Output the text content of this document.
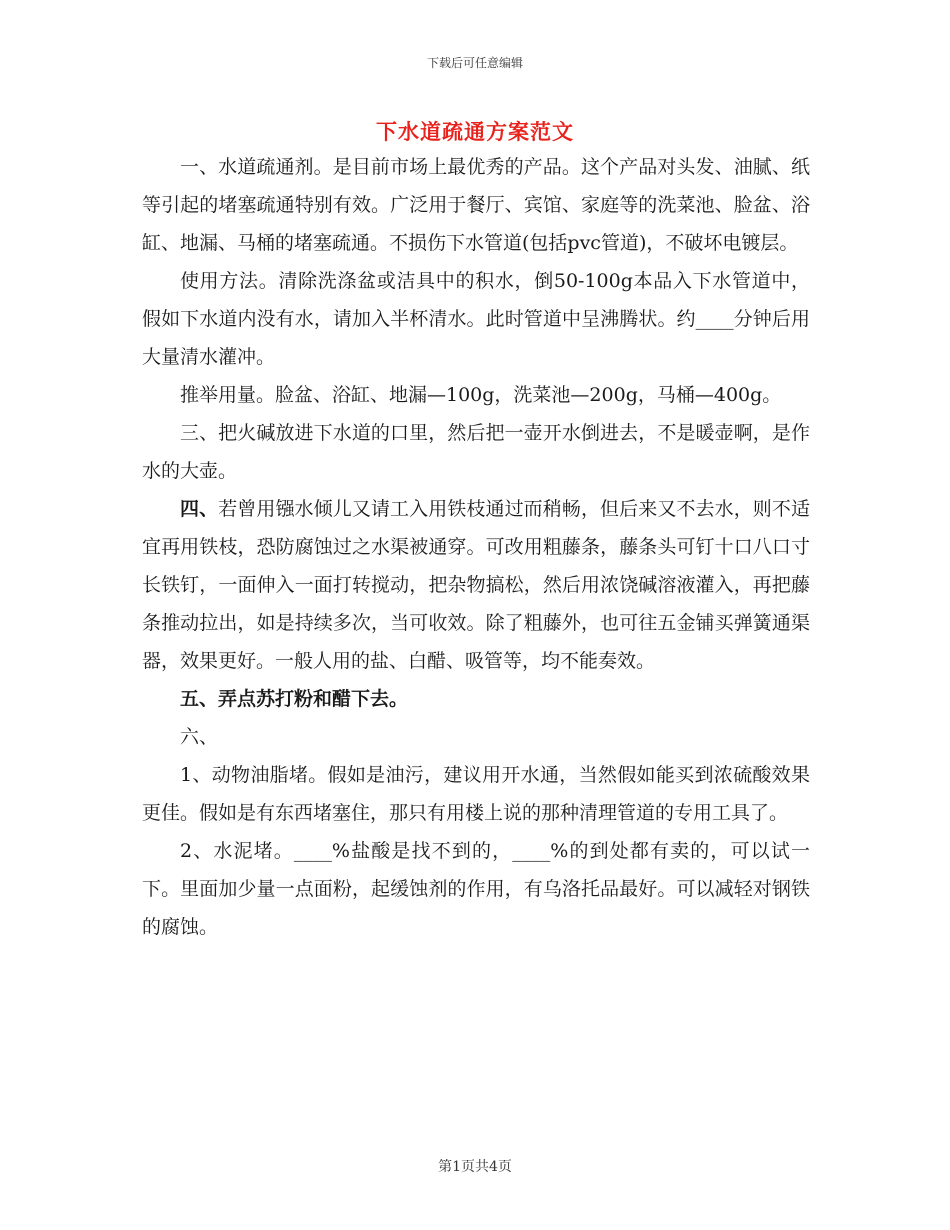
下载后可任意编辑
下水道疏通方案范文

一、水道疏通剂。是目前市场上最优秀的产品。这个产品对头发、油腻、纸等引起的堵塞疏通特别有效。广泛用于餐厅、宾馆、家庭等的洗菜池、脸盆、浴缸、地漏、马桶的堵塞疏通。不损伤下水管道(包括pvc管道)，不破坏电镀层。

使用方法。清除洗涤盆或洁具中的积水，倒50-100g本品入下水管道中，假如下水道内没有水，请加入半杯清水。此时管道中呈沸腾状。约____分钟后用大量清水灌冲。

推举用量。脸盆、浴缸、地漏—100g，洗菜池—200g，马桶—400g。

三、把火碱放进下水道的口里，然后把一壶开水倒进去，不是暖壶啊，是作水的大壶。

四、若曾用镪水倾儿又请工入用铁枝通过而稍畅，但后来又不去水，则不适宜再用铁枝，恐防腐蚀过之水渠被通穿。可改用粗藤条，藤条头可钉十口八口寸长铁钉，一面伸入一面打转搅动，把杂物搞松，然后用浓饶碱溶液灌入，再把藤条推动拉出，如是持续多次，当可收效。除了粗藤外，也可往五金铺买弹簧通渠器，效果更好。一般人用的盐、白醋、吸管等，均不能奏效。

五、弄点苏打粉和醋下去。

六、

1、动物油脂堵。假如是油污，建议用开水通，当然假如能买到浓硫酸效果更佳。假如是有东西堵塞住，那只有用楼上说的那种清理管道的专用工具了。

2、水泥堵。____%盐酸是找不到的，____%的到处都有卖的，可以试一下。里面加少量一点面粉，起缓蚀剂的作用，有乌洛托品最好。可以减轻对钢铁的腐蚀。

第1页共4页
